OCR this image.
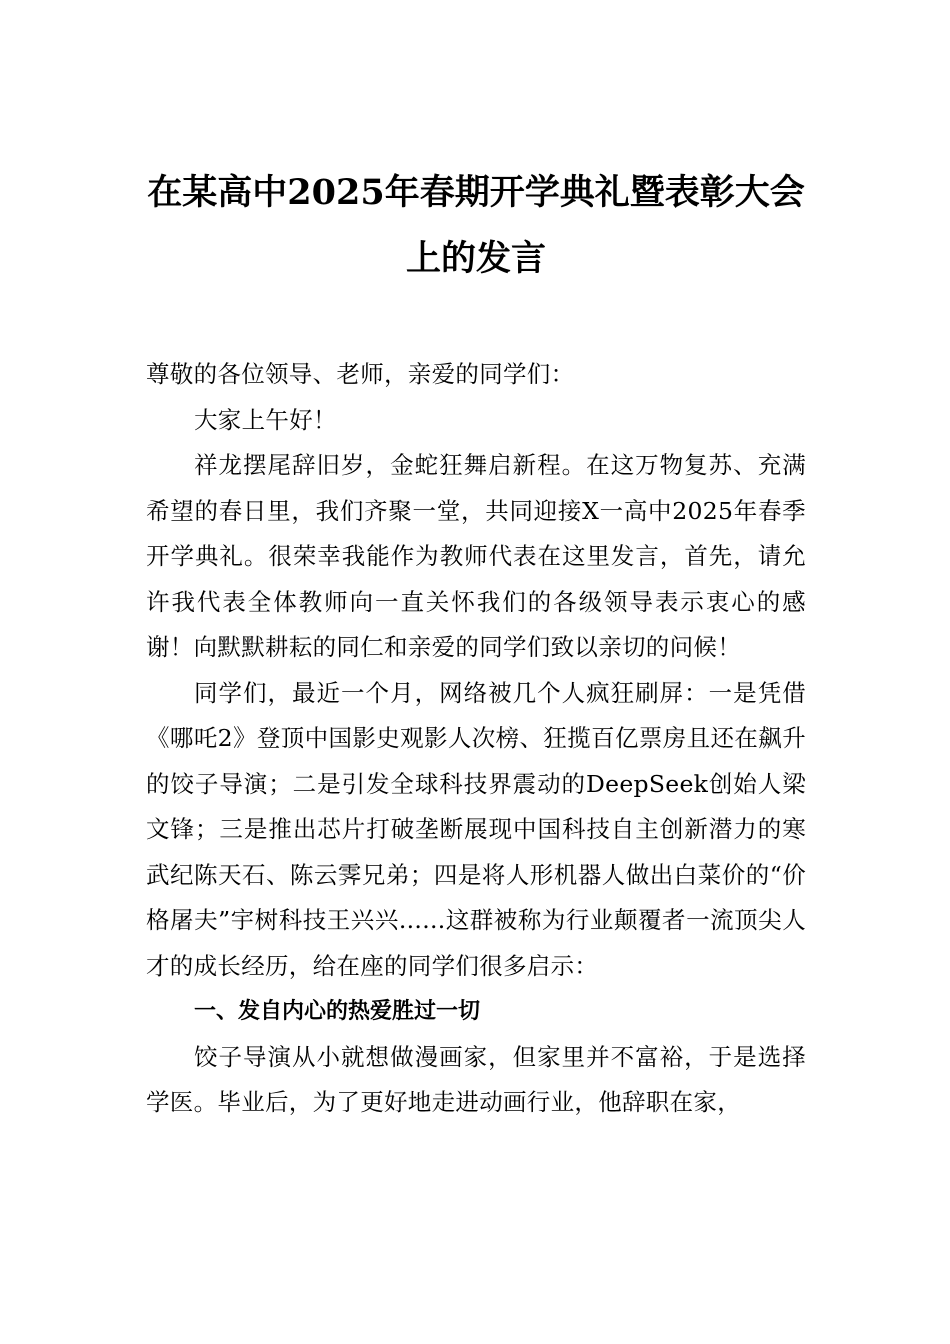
在某高中2025年春期开学典礼暨表彰大会上的发言

尊敬的各位领导、老师，亲爱的同学们：

大家上午好！

祥龙摆尾辞旧岁，金蛇狂舞启新程。在这万物复苏、充满希望的春日里，我们齐聚一堂，共同迎接X一高中2025年春季开学典礼。很荣幸我能作为教师代表在这里发言，首先，请允许我代表全体教师向一直关怀我们的各级领导表示衷心的感谢！向默默耕耘的同仁和亲爱的同学们致以亲切的问候！

同学们，最近一个月，网络被几个人疯狂刷屏：一是凭借《哪吒2》登顶中国影史观影人次榜、狂揽百亿票房且还在飙升的饺子导演；二是引发全球科技界震动的DeepSeek创始人梁文锋；三是推出芯片打破垄断展现中国科技自主创新潜力的寒武纪陈天石、陈云霁兄弟；四是将人形机器人做出白菜价的“价格屠夫”宇树科技王兴兴......这群被称为行业颠覆者一流顶尖人才的成长经历，给在座的同学们很多启示：

一、发自内心的热爱胜过一切

饺子导演从小就想做漫画家，但家里并不富裕，于是选择学医。毕业后，为了更好地走进动画行业，他辞职在家，
